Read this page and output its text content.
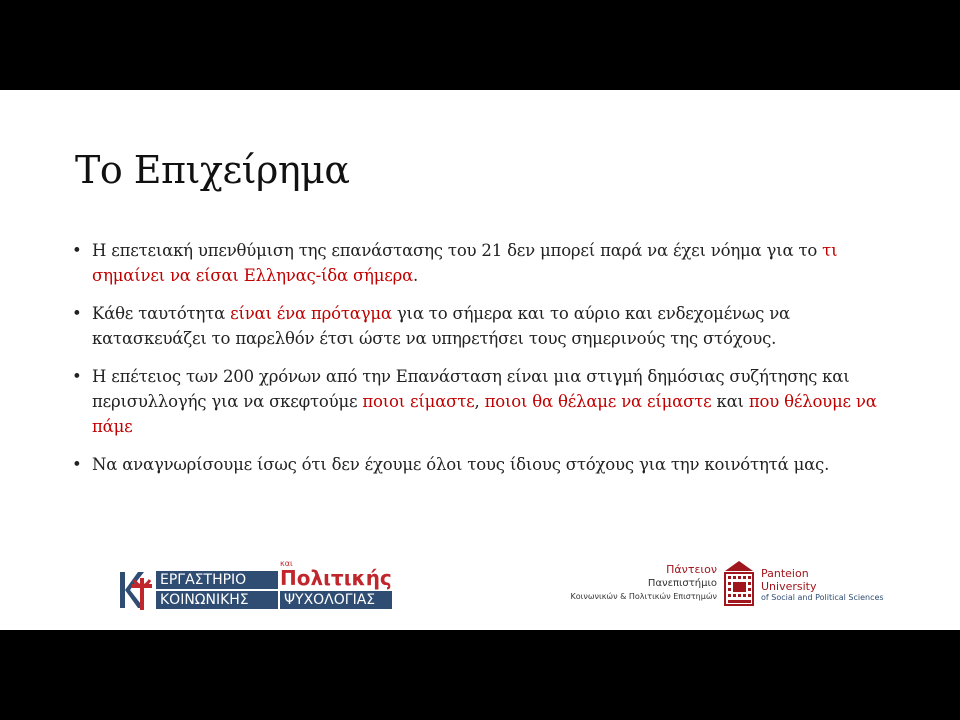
Το Επιχείρημα
• Η επετειακή υπενθύμιση της επανάστασης του 21 δεν μπορεί παρά να έχει νόημα για το τι σημαίνει να είσαι Ελληνας-ίδα σήμερα.
• Κάθε ταυτότητα είναι ένα πρόταγμα για το σήμερα και το αύριο και ενδεχομένως να κατασκευάζει το παρελθόν έτσι ώστε να υπηρετήσει τους σημερινούς της στόχους.
• Η επέτειος των 200 χρόνων από την Επανάσταση είναι μια στιγμή δημόσιας συζήτησης και περισυλλογής για να σκεφτούμε ποιοι είμαστε, ποιοι θα θέλαμε να είμαστε και που θέλουμε να πάμε
• Να αναγνωρίσουμε ίσως ότι δεν έχουμε όλοι τους ίδιους στόχους για την κοινότητά μας.
ΕΡΓΑΣΤΗΡΙΟ
και
Πολιτικής
ΚΟΙΝΩΝΙΚΗΣ	ΨΥΧΟΛΟΓΙΑΣ
Πάντειον
Πανεπιστήμιο
Κοινωνικών & Πολιτικών Επιστημών
Panteion
University
of Social and Political Sciences
